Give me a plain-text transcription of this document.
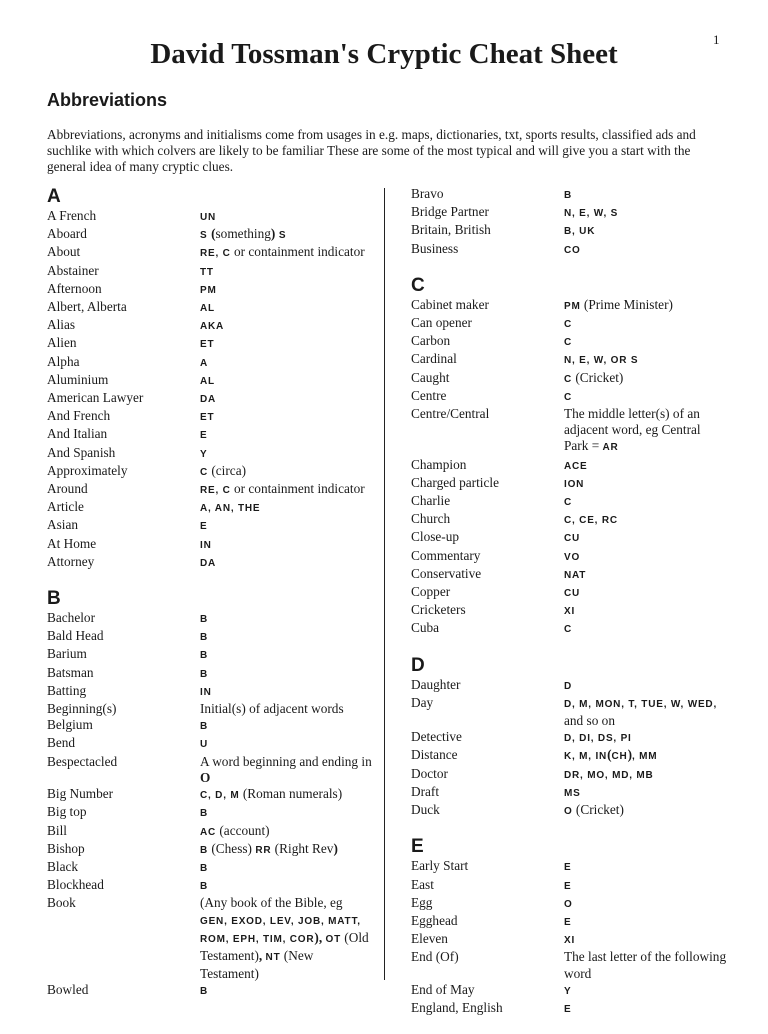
1
David Tossman's Cryptic Cheat Sheet
Abbreviations

Abbreviations, acronyms and initialisms come from usages in e.g. maps, dictionaries, txt, sports results, classified ads and suchlike with which colvers are likely to be familiar These are some of the most typical and will give you a start with the general idea of many cryptic clues.

A
A French	UN
Aboard	S (something) S
About	RE, C or containment indicator
Abstainer	TT
Afternoon	PM
Albert, Alberta	AL
Alias	AKA
Alien	ET
Alpha	A
Aluminium	AL
American Lawyer	DA
And French	ET
And Italian	E
And Spanish	Y
Approximately	C (circa)
Around	RE, C or containment indicator
Article	A, AN, THE
Asian	E
At Home	IN
Attorney	DA
B
Bachelor	B
Bald Head	B
Barium	B
Batsman	B
Batting	IN
Beginning(s)	Initial(s) of adjacent words
Belgium	B
Bend	U
Bespectacled	A word beginning and ending in O
Big Number	C, D, M (Roman numerals)
Big top	B
Bill	AC (account)
Bishop	B (Chess) RR (Right Rev)
Black	B
Blockhead	B
Book	(Any book of the Bible, eg GEN, EXOD, LEV, JOB, MATT, ROM, EPH, TIM, COR), OT (Old Testament), NT (New Testament)
Bowled	B
Bravo	B
Bridge Partner	N, E, W, S
Britain, British	B, UK
Business	CO
C
Cabinet maker	PM (Prime Minister)
Can opener	C
Carbon	C
Cardinal	N, E, W, OR S
Caught	C (Cricket)
Centre	C
Centre/Central	The middle letter(s) of an adjacent word, eg Central Park = AR
Champion	ACE
Charged particle	ION
Charlie	C
Church	C, CE, RC
Close-up	CU
Commentary	VO
Conservative	NAT
Copper	CU
Cricketers	XI
Cuba	C
D
Daughter	D
Day	D, M, MON, T, TUE, W, WED, and so on
Detective	D, DI, DS, PI
Distance	K, M, IN(CH), MM
Doctor	DR, MO, MD, MB
Draft	MS
Duck	O (Cricket)
E
Early Start	E
East	E
Egg	O
Egghead	E
Eleven	XI
End (Of)	The last letter of the following word
End of May	Y
England, English	E
